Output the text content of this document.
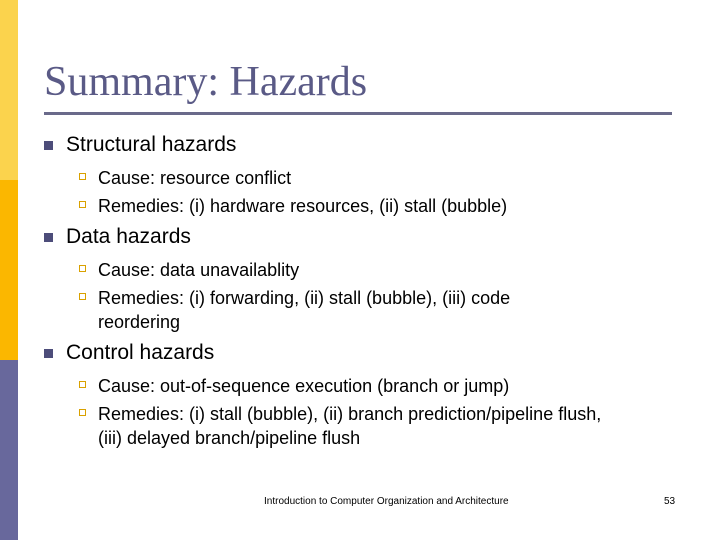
Summary: Hazards
Structural hazards
Cause: resource conflict
Remedies: (i) hardware resources, (ii) stall (bubble)
Data hazards
Cause: data unavailablity
Remedies: (i) forwarding, (ii) stall (bubble), (iii) code reordering
Control hazards
Cause: out-of-sequence execution (branch or jump)
Remedies: (i) stall (bubble), (ii) branch prediction/pipeline flush, (iii) delayed branch/pipeline flush
Introduction to Computer Organization and Architecture	53
